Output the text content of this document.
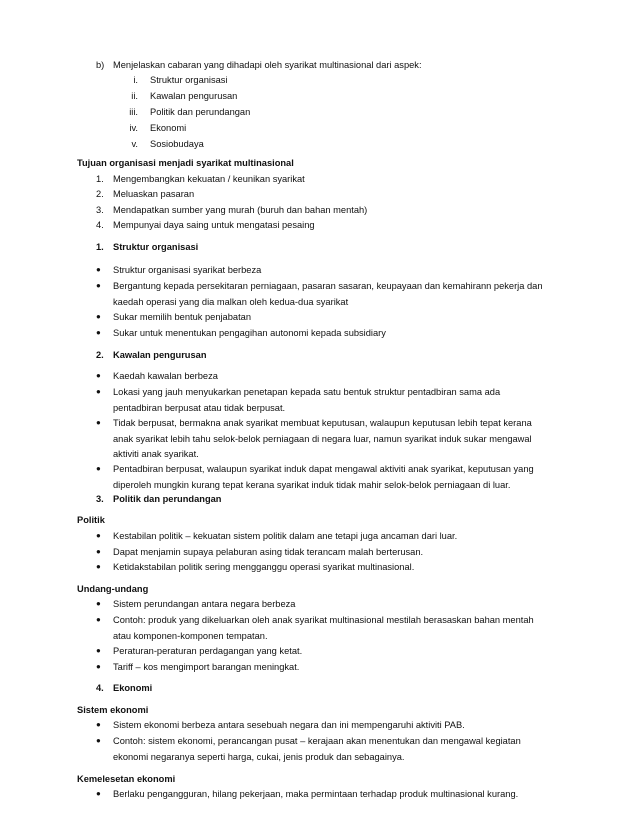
b) Menjelaskan cabaran yang dihadapi oleh syarikat multinasional dari aspek:
i. Struktur organisasi
ii. Kawalan pengurusan
iii. Politik dan perundangan
iv. Ekonomi
v. Sosiobudaya
Tujuan organisasi menjadi syarikat multinasional
1. Mengembangkan kekuatan / keunikan syarikat
2. Meluaskan pasaran
3. Mendapatkan sumber yang murah (buruh dan bahan mentah)
4. Mempunyai daya saing untuk mengatasi pesaing
1. Struktur organisasi
● Struktur organisasi syarikat berbeza
● Bergantung kepada persekitaran perniagaan, pasaran sasaran, keupayaan dan kemahirann pekerja dan
kaedah operasi yang dia malkan oleh kedua-dua syarikat
● Sukar memilih bentuk penjabatan
● Sukar untuk menentukan pengagihan autonomi kepada subsidiary
2. Kawalan pengurusan
● Kaedah kawalan berbeza
● Lokasi yang jauh menyukarkan penetapan kepada satu bentuk struktur pentadbiran sama ada
pentadbiran berpusat atau tidak berpusat.
● Tidak berpusat, bermakna anak syarikat membuat keputusan, walaupun keputusan lebih tepat kerana
anak syarikat lebih tahu selok-belok perniagaan di negara luar, namun syarikat induk sukar mengawal
aktiviti anak syarikat.
● Pentadbiran berpusat, walaupun syarikat induk dapat mengawal aktiviti anak syarikat, keputusan yang
diperoleh mungkin kurang tepat kerana syarikat induk tidak mahir selok-belok perniagaan di luar.
3. Politik dan perundangan
Politik
● Kestabilan politik – kekuatan sistem politik dalam ane tetapi juga ancaman dari luar.
● Dapat menjamin supaya pelaburan asing tidak terancam malah berterusan.
● Ketidakstabilan politik sering mengganggu operasi syarikat multinasional.
Undang-undang
● Sistem perundangan antara negara berbeza
● Contoh: produk yang dikeluarkan oleh anak syarikat multinasional mestilah berasaskan bahan mentah
atau komponen-komponen tempatan.
● Peraturan-peraturan perdagangan yang ketat.
● Tariff – kos mengimport barangan meningkat.
4. Ekonomi
Sistem ekonomi
● Sistem ekonomi berbeza antara sesebuah negara dan ini mempengaruhi aktiviti PAB.
● Contoh: sistem ekonomi, perancangan pusat – kerajaan akan menentukan dan mengawal kegiatan
ekonomi negaranya seperti harga, cukai, jenis produk dan sebagainya.
Kemelesetan ekonomi
● Berlaku pengangguran, hilang pekerjaan, maka permintaan terhadap produk multinasional kurang.
